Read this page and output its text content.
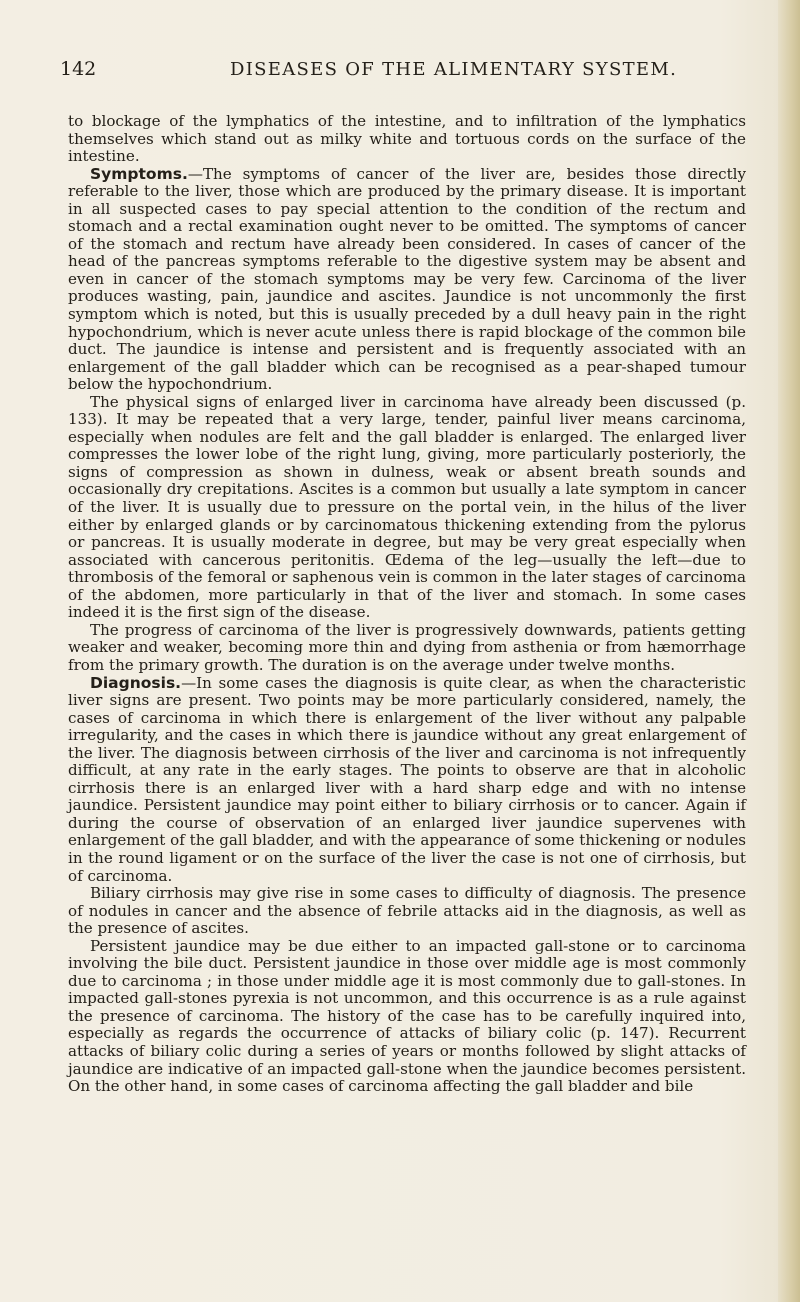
142	DISEASES OF THE ALIMENTARY SYSTEM.

to blockage of the lymphatics of the intestine, and to infiltration of the lymphatics themselves which stand out as milky white and tortuous cords on the surface of the intestine.

Symptoms.—The symptoms of cancer of the liver are, besides those directly referable to the liver, those which are produced by the primary disease. It is important in all suspected cases to pay special attention to the condition of the rectum and stomach and a rectal examination ought never to be omitted. The symptoms of cancer of the stomach and rectum have already been considered. In cases of cancer of the head of the pancreas symptoms referable to the digestive system may be absent and even in cancer of the stomach symptoms may be very few. Carcinoma of the liver produces wasting, pain, jaundice and ascites. Jaundice is not uncommonly the first symptom which is noted, but this is usually preceded by a dull heavy pain in the right hypochondrium, which is never acute unless there is rapid blockage of the common bile duct. The jaundice is intense and persistent and is frequently associated with an enlargement of the gall bladder which can be recognised as a pear-shaped tumour below the hypochondrium.

The physical signs of enlarged liver in carcinoma have already been discussed (p. 133). It may be repeated that a very large, tender, painful liver means carcinoma, especially when nodules are felt and the gall bladder is enlarged. The enlarged liver compresses the lower lobe of the right lung, giving, more particularly posteriorly, the signs of compression as shown in dulness, weak or absent breath sounds and occasionally dry crepitations. Ascites is a common but usually a late symptom in cancer of the liver. It is usually due to pressure on the portal vein, in the hilus of the liver either by enlarged glands or by carcinomatous thickening extending from the pylorus or pancreas. It is usually moderate in degree, but may be very great especially when associated with cancerous peritonitis. Œdema of the leg—usually the left—due to thrombosis of the femoral or saphenous vein is common in the later stages of carcinoma of the abdomen, more particularly in that of the liver and stomach. In some cases indeed it is the first sign of the disease.

The progress of carcinoma of the liver is progressively downwards, patients getting weaker and weaker, becoming more thin and dying from asthenia or from hæmorrhage from the primary growth. The duration is on the average under twelve months.

Diagnosis.—In some cases the diagnosis is quite clear, as when the characteristic liver signs are present. Two points may be more particularly considered, namely, the cases of carcinoma in which there is enlargement of the liver without any palpable irregularity, and the cases in which there is jaundice without any great enlargement of the liver. The diagnosis between cirrhosis of the liver and carcinoma is not infrequently difficult, at any rate in the early stages. The points to observe are that in alcoholic cirrhosis there is an enlarged liver with a hard sharp edge and with no intense jaundice. Persistent jaundice may point either to biliary cirrhosis or to cancer. Again if during the course of observation of an enlarged liver jaundice supervenes with enlargement of the gall bladder, and with the appearance of some thickening or nodules in the round ligament or on the surface of the liver the case is not one of cirrhosis, but of carcinoma.

Biliary cirrhosis may give rise in some cases to difficulty of diagnosis. The presence of nodules in cancer and the absence of febrile attacks aid in the diagnosis, as well as the presence of ascites.

Persistent jaundice may be due either to an impacted gall-stone or to carcinoma involving the bile duct. Persistent jaundice in those over middle age is most commonly due to carcinoma ; in those under middle age it is most commonly due to gall-stones. In impacted gall-stones pyrexia is not uncommon, and this occurrence is as a rule against the presence of carcinoma. The history of the case has to be carefully inquired into, especially as regards the occurrence of attacks of biliary colic (p. 147). Recurrent attacks of biliary colic during a series of years or months followed by slight attacks of jaundice are indicative of an impacted gall-stone when the jaundice becomes persistent. On the other hand, in some cases of carcinoma affecting the gall bladder and bile
